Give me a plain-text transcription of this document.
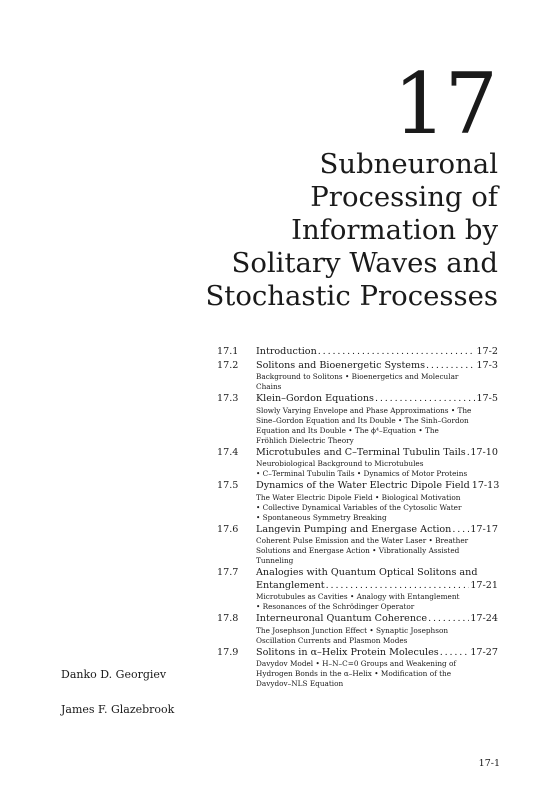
17
Subneuronal
Processing of
Information by
Solitary Waves and
Stochastic Processes
17.1	Introduction . . .	17-2
17.2	Solitons and Bioenergetic Systems . . .	17-3
Background to Solitons • Bioenergetics and Molecular
Chains
17.3	Klein–Gordon Equations . . .	17-5
Slowly Varying Envelope and Phase Approximations • The
Sine–Gordon Equation and Its Double • The Sinh–Gordon
Equation and Its Double • The ϕ⁴–Equation • The
Fröhlich Dielectric Theory
17.4	Microtubules and C–Terminal Tubulin Tails . . . 17-10
Neurobiological Background to Microtubules
• C–Terminal Tubulin Tails • Dynamics of Motor Proteins
17.5	Dynamics of the Water Electric Dipole Field 17-13
The Water Electric Dipole Field • Biological Motivation
• Collective Dynamical Variables of the Cytosolic Water
• Spontaneous Symmetry Breaking
17.6	Langevin Pumping and Energase Action . . . 17-17
Coherent Pulse Emission and the Water Laser • Breather
Solutions and Energase Action • Vibrationally Assisted
Tunneling
17.7	Analogies with Quantum Optical Solitons and
Entanglement . . .	17-21
Microtubules as Cavities • Analogy with Entanglement
• Resonances of the Schrödinger Operator
17.8	Interneuronal Quantum Coherence . . .	17-24
The Josephson Junction Effect • Synaptic Josephson
Oscillation Currents and Plasmon Modes
17.9	Solitons in α–Helix Protein Molecules . . .	17-27
Davydov Model • H–N–C=0 Groups and Weakening of
Hydrogen Bonds in the α–Helix • Modification of the
Davydov–NLS Equation
Danko D. Georgiev
James F. Glazebrook
17-1
